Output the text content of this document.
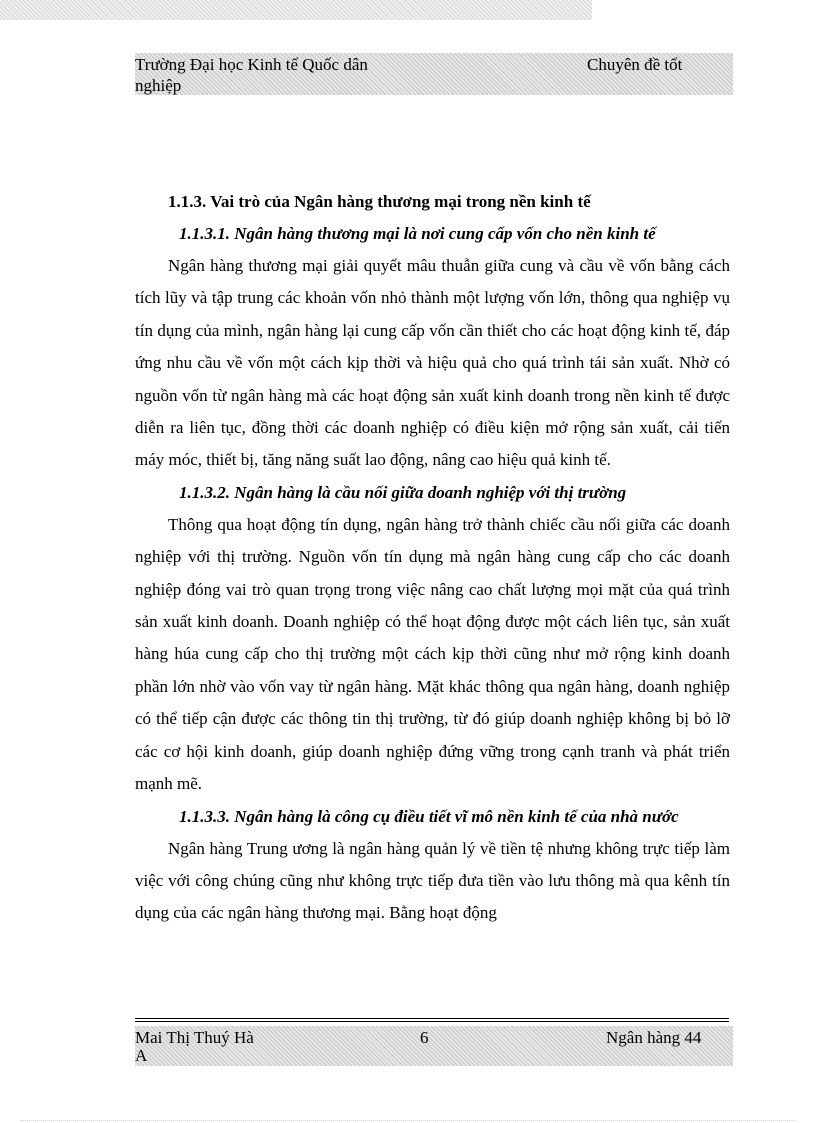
Trường Đại học Kinh tế Quốc dân	Chuyên đề tốt
nghiệp

1.1.3. Vai trò của Ngân hàng thương mại trong nền kinh tế

1.1.3.1. Ngân hàng thương mại là nơi cung cấp vốn cho nền kinh tế

Ngân hàng thương mại giải quyết mâu thuẫn giữa cung và cầu về vốn bằng cách tích lũy và tập trung các khoản vốn nhỏ thành một lượng vốn lớn, thông qua nghiệp vụ tín dụng của mình, ngân hàng lại cung cấp vốn cần thiết cho các hoạt động kinh tế, đáp ứng nhu cầu về vốn một cách kịp thời và hiệu quả cho quá trình tái sản xuất. Nhờ có nguồn vốn từ ngân hàng mà các hoạt động sản xuất kinh doanh trong nền kinh tế được diễn ra liên tục, đồng thời các doanh nghiệp có điều kiện mở rộng sản xuất, cải tiến máy móc, thiết bị, tăng năng suất lao động, nâng cao hiệu quả kinh tế.

1.1.3.2. Ngân hàng là cầu nối giữa doanh nghiệp với thị trường

Thông qua hoạt động tín dụng, ngân hàng trở thành chiếc cầu nối giữa các doanh nghiệp với thị trường. Nguồn vốn tín dụng mà ngân hàng cung cấp cho các doanh nghiệp đóng vai trò quan trọng trong việc nâng cao chất lượng mọi mặt của quá trình sản xuất kinh doanh. Doanh nghiệp có thể hoạt động được một cách liên tục, sản xuất hàng húa cung cấp cho thị trường một cách kịp thời cũng như mở rộng kinh doanh phần lớn nhờ vào vốn vay từ ngân hàng. Mặt khác thông qua ngân hàng, doanh nghiệp có thể tiếp cận được các thông tin thị trường, từ đó giúp doanh nghiệp không bị bỏ lỡ các cơ hội kinh doanh, giúp doanh nghiệp đứng vững trong cạnh tranh và phát triển mạnh mẽ.

1.1.3.3. Ngân hàng là công cụ điều tiết vĩ mô nền kinh tế của nhà nước

Ngân hàng Trung ương là ngân hàng quản lý về tiền tệ nhưng không trực tiếp làm việc với công chúng cũng như không trực tiếp đưa tiền vào lưu thông mà qua kênh tín dụng của các ngân hàng thương mại. Bằng hoạt động

Mai Thị Thuý Hà	6	Ngân hàng 44
A
